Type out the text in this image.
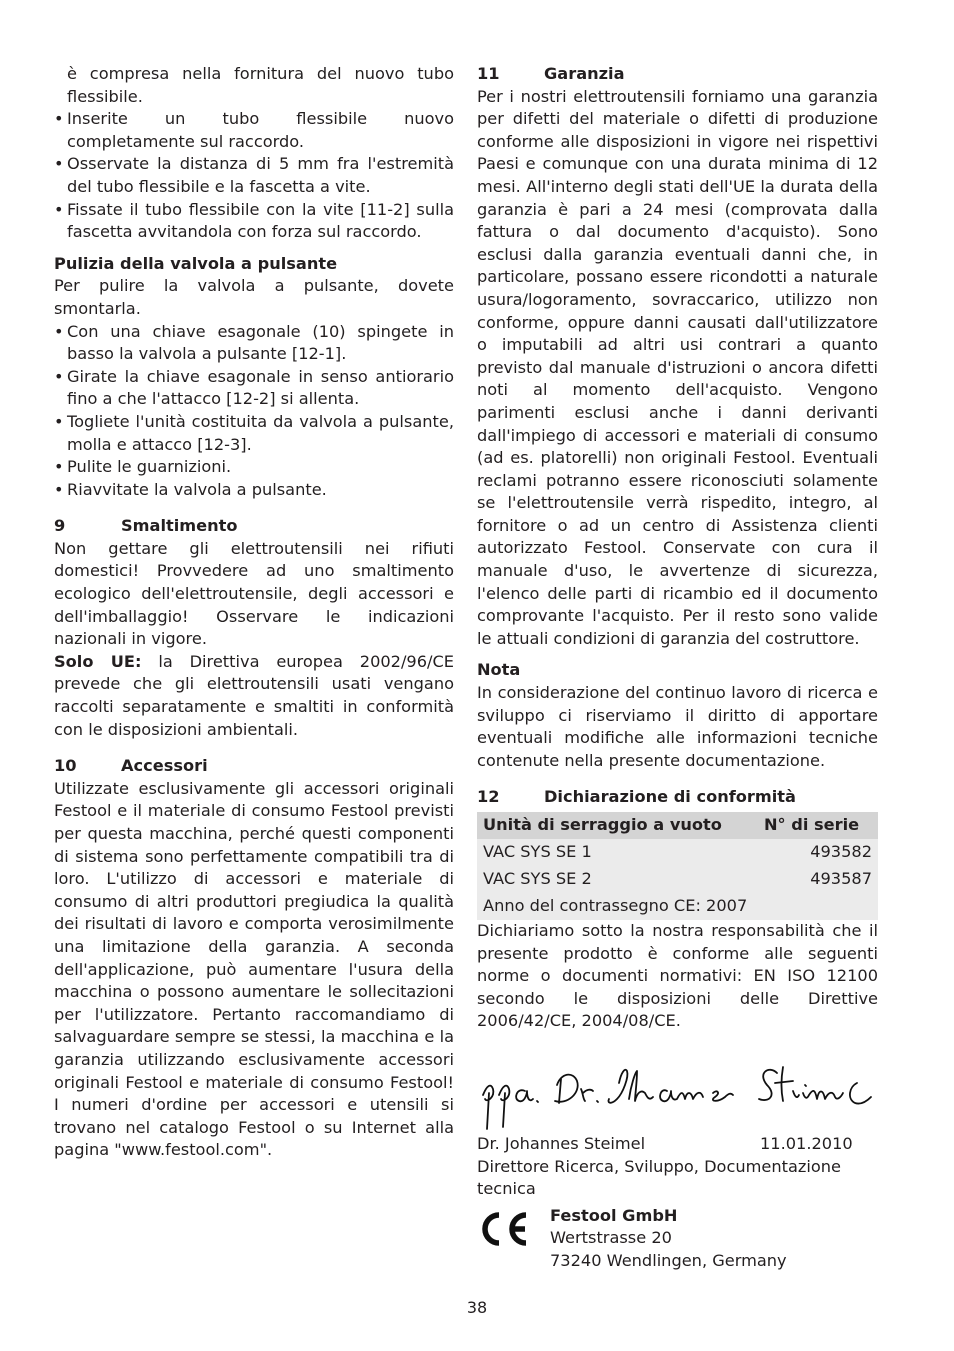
è compresa nella fornitura del nuovo tubo flessibile.

• Inserite un tubo flessibile nuovo completamente sul raccordo.
• Osservate la distanza di 5 mm fra l'estremità del tubo flessibile e la fascetta a vite.
• Fissate il tubo flessibile con la vite [11-2] sulla fascetta avvitandola con forza sul raccordo.

Pulizia della valvola a pulsante

Per pulire la valvola a pulsante, dovete smontarla.

• Con una chiave esagonale (10) spingete in basso la valvola a pulsante [12-1].
• Girate la chiave esagonale in senso antiorario fino a che l'attacco [12-2] si allenta.
• Togliete l'unità costituita da valvola a pulsante, molla e attacco [12-3].
• Pulite le guarnizioni.
• Riavvitate la valvola a pulsante.

9	Smaltimento

Non gettare gli elettroutensili nei rifiuti domestici! Provvedere ad uno smaltimento ecologico dell'elettroutensile, degli accessori e dell'imballaggio! Osservare le indicazioni nazionali in vigore.

Solo UE: la Direttiva europea 2002/96/CE prevede che gli elettroutensili usati vengano raccolti separatamente e smaltiti in conformità con le disposizioni ambientali.

10	Accessori

Utilizzate esclusivamente gli accessori originali Festool e il materiale di consumo Festool previsti per questa macchina, perché questi componenti di sistema sono perfettamente compatibili tra di loro. L'utilizzo di accessori e materiale di consumo di altri produttori pregiudica la qualità dei risultati di lavoro e comporta verosimilmente una limitazione della garanzia. A seconda dell'applicazione, può aumentare l'usura della macchina o possono aumentare le sollecitazioni per l'utilizzatore. Pertanto raccomandiamo di salvaguardare sempre se stessi, la macchina e la garanzia utilizzando esclusivamente accessori originali Festool e materiale di consumo Festool! I numeri d'ordine per accessori e utensili si trovano nel catalogo Festool o su Internet alla pagina "www.festool.com".

11	Garanzia

Per i nostri elettroutensili forniamo una garanzia per difetti del materiale o difetti di produzione conforme alle disposizioni in vigore nei rispettivi Paesi e comunque con una durata minima di 12 mesi. All'interno degli stati dell'UE la durata della garanzia è pari a 24 mesi (comprovata dalla fattura o dal documento d'acquisto). Sono esclusi dalla garanzia eventuali danni che, in particolare, possano essere ricondotti a naturale usura/logoramento, sovraccarico, utilizzo non conforme, oppure danni causati dall'utilizzatore o imputabili ad altri usi contrari a quanto previsto dal manuale d'istruzioni o ancora difetti noti al momento dell'acquisto. Vengono parimenti esclusi anche i danni derivanti dall'impiego di accessori e materiali di consumo (ad es. platorelli) non originali Festool. Eventuali reclami potranno essere riconosciuti solamente se l'elettroutensile verrà rispedito, integro, al fornitore o ad un centro di Assistenza clienti autorizzato Festool. Conservate con cura il manuale d'uso, le avvertenze di sicurezza, l'elenco delle parti di ricambio ed il documento comprovante l'acquisto. Per il resto sono valide le attuali condizioni di garanzia del costruttore.

Nota

In considerazione del continuo lavoro di ricerca e sviluppo ci riserviamo il diritto di apportare eventuali modifiche alle informazioni tecniche contenute nella presente documentazione.

12	Dichiarazione di conformità

Unità di serraggio a vuoto	N° di serie
VAC SYS SE 1	493582
VAC SYS SE 2	493587
Anno del contrassegno CE: 2007	

Dichiariamo sotto la nostra responsabilità che il presente prodotto è conforme alle seguenti norme o documenti normativi: EN ISO 12100 secondo le disposizioni delle Direttive 2006/42/CE, 2004/08/CE.

Dr. Johannes Steimel	11.01.2010

Direttore Ricerca, Sviluppo, Documentazione tecnica

Festool GmbH

Wertstrasse 20

73240 Wendlingen, Germany

38
